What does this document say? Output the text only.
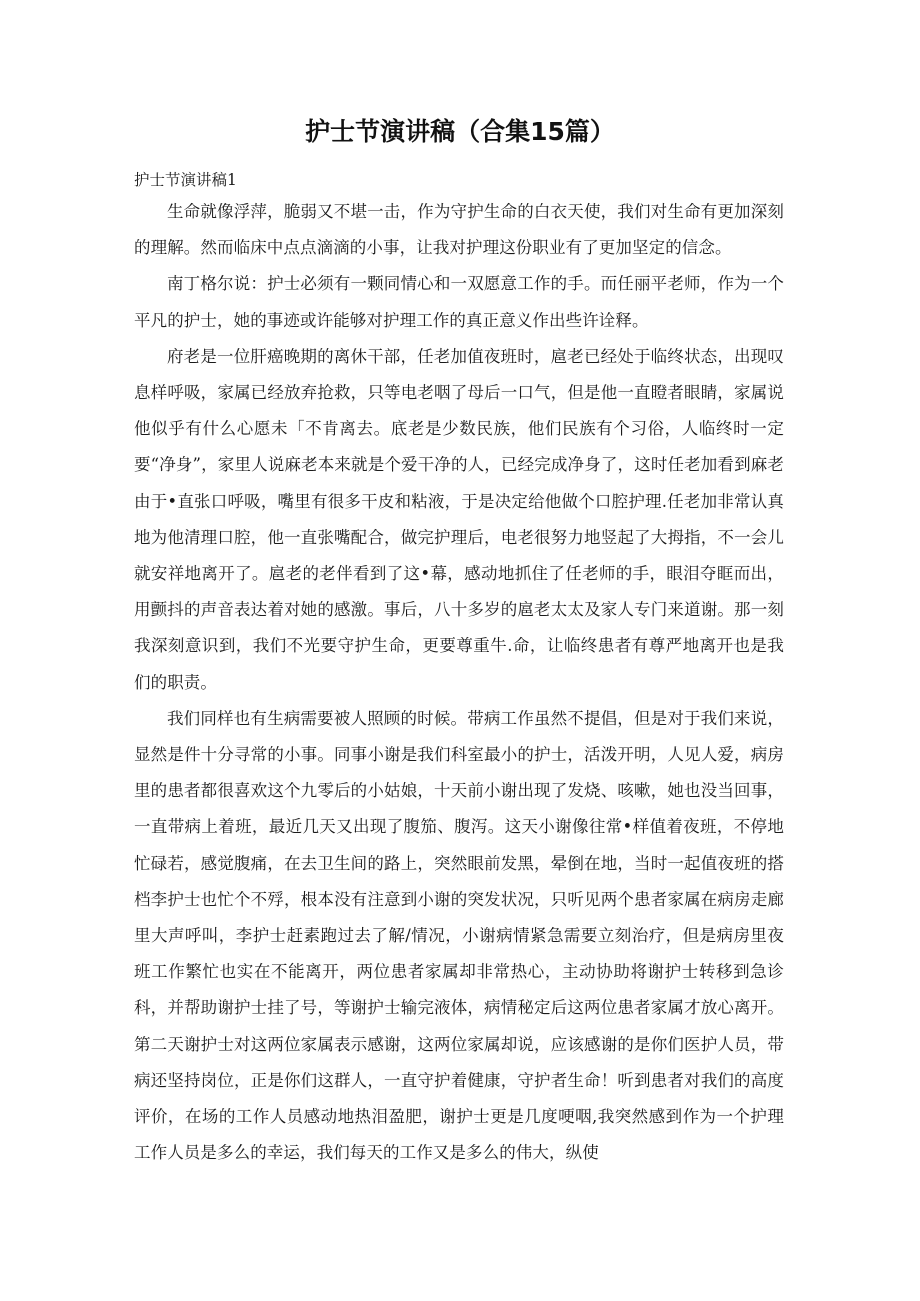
护士节演讲稿（合集15篇）

护士节演讲稿1

生命就像浮萍，脆弱又不堪一击，作为守护生命的白衣天使，我们对生命有更加深刻的理解。然而临床中点点滴滴的小事，让我对护理这份职业有了更加坚定的信念。

南丁格尔说：护士必须有一颗同情心和一双愿意工作的手。而任丽平老师，作为一个平凡的护士，她的事迹或许能够对护理工作的真正意义作出些许诠释。

府老是一位肝癌晚期的离休干部，任老加值夜班时，扈老已经处于临终状态，出现叹息样呼吸，家属已经放弃抢救，只等电老咽了母后一口气，但是他一直瞪者眼睛，家属说他似乎有什么心愿未「不肯离去。底老是少数民族，他们民族有个习俗，人临终时一定要“净身”，家里人说麻老本来就是个爱干净的人，已经完成净身了，这时任老加看到麻老由于•直张口呼吸，嘴里有很多干皮和粘液，于是决定给他做个口腔护理.任老加非常认真地为他清理口腔，他一直张嘴配合，做完护理后，电老很努力地竖起了大拇指，不一会儿就安祥地离开了。扈老的老伴看到了这•幕，感动地抓住了任老师的手，眼泪夺眶而出，用颤抖的声音表达着对她的感激。事后，八十多岁的扈老太太及家人专门来道谢。那一刻我深刻意识到，我们不光要守护生命，更要尊重牛.命，让临终患者有尊严地离开也是我们的职责。

我们同样也有生病需要被人照顾的时候。带病工作虽然不提倡，但是对于我们来说，显然是件十分寻常的小事。同事小谢是我们科室最小的护士，活泼开明，人见人爱，病房里的患者都很喜欢这个九零后的小姑娘，十天前小谢出现了发烧、咳嗽，她也没当回事，一直带病上着班，最近几天又出现了腹笳、腹泻。这天小谢像往常•样值着夜班，不停地忙碌若，感觉腹痛，在去卫生间的路上，突然眼前发黑，晕倒在地，当时一起值夜班的搭档李护士也忙个不殍，根本没有注意到小谢的突发状况，只听见两个患者家属在病房走廊里大声呼叫，李护士赶素跑过去了解/情况，小谢病情紧急需要立刻治疗，但是病房里夜班工作繁忙也实在不能离开，两位患者家属却非常热心，主动协助将谢护士转移到急诊科，并帮助谢护士挂了号，等谢护士输完液体，病情秘定后这两位患者家属才放心离开。第二天谢护士对这两位家属表示感谢，这两位家属却说，应该感谢的是你们医护人员，带病还坚持岗位，正是你们这群人，一直守护着健康，守护者生命！听到患者对我们的高度评价，在场的工作人员感动地热泪盈肥，谢护士更是几度哽咽,我突然感到作为一个护理工作人员是多么的幸运，我们每天的工作又是多么的伟大，纵使
